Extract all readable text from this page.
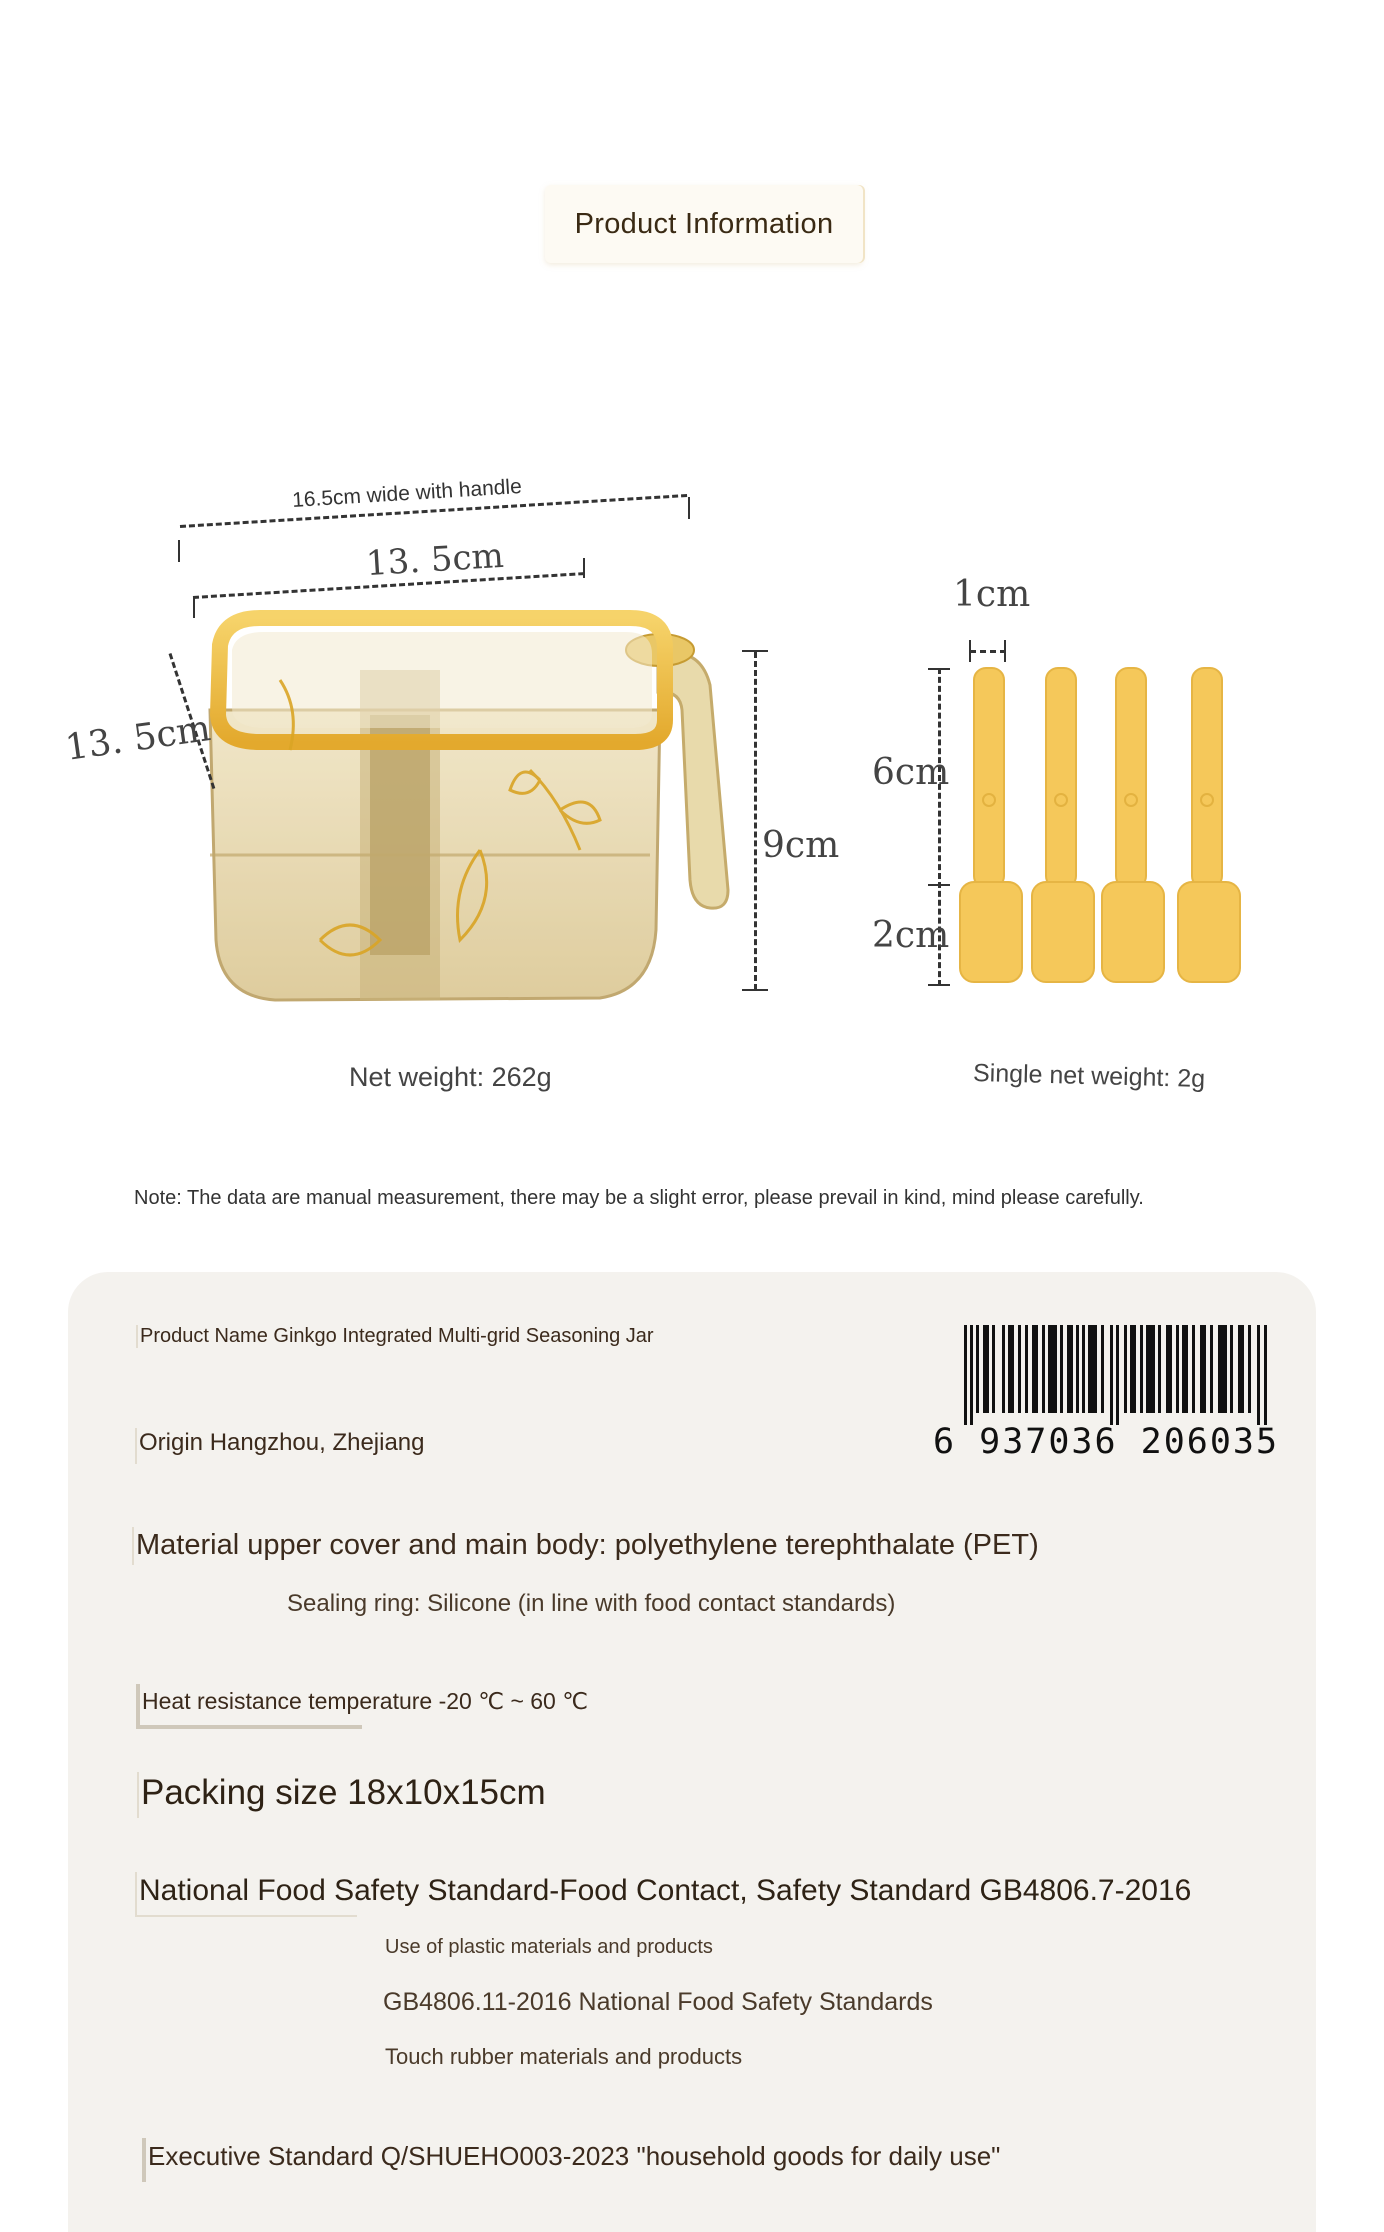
Product Information
16.5cm wide with handle
13. 5cm
13. 5cm
9cm
Net weight: 262g
1cm
6cm
2cm
Single net weight: 2g
Note: The data are manual measurement, there may be a slight error, please prevail in kind, mind please carefully.
Product Name Ginkgo Integrated Multi-grid Seasoning Jar
Origin Hangzhou, Zhejiang	6 937036 206035
Material upper cover and main body: polyethylene terephthalate (PET)
Sealing ring: Silicone (in line with food contact standards)
Heat resistance temperature -20 ℃ ~ 60 ℃
Packing size 18x10x15cm
National Food Safety Standard-Food Contact, Safety Standard GB4806.7-2016
Use of plastic materials and products
GB4806.11-2016 National Food Safety Standards
Touch rubber materials and products
Executive Standard Q/SHUEHO003-2023 "household goods for daily use"
